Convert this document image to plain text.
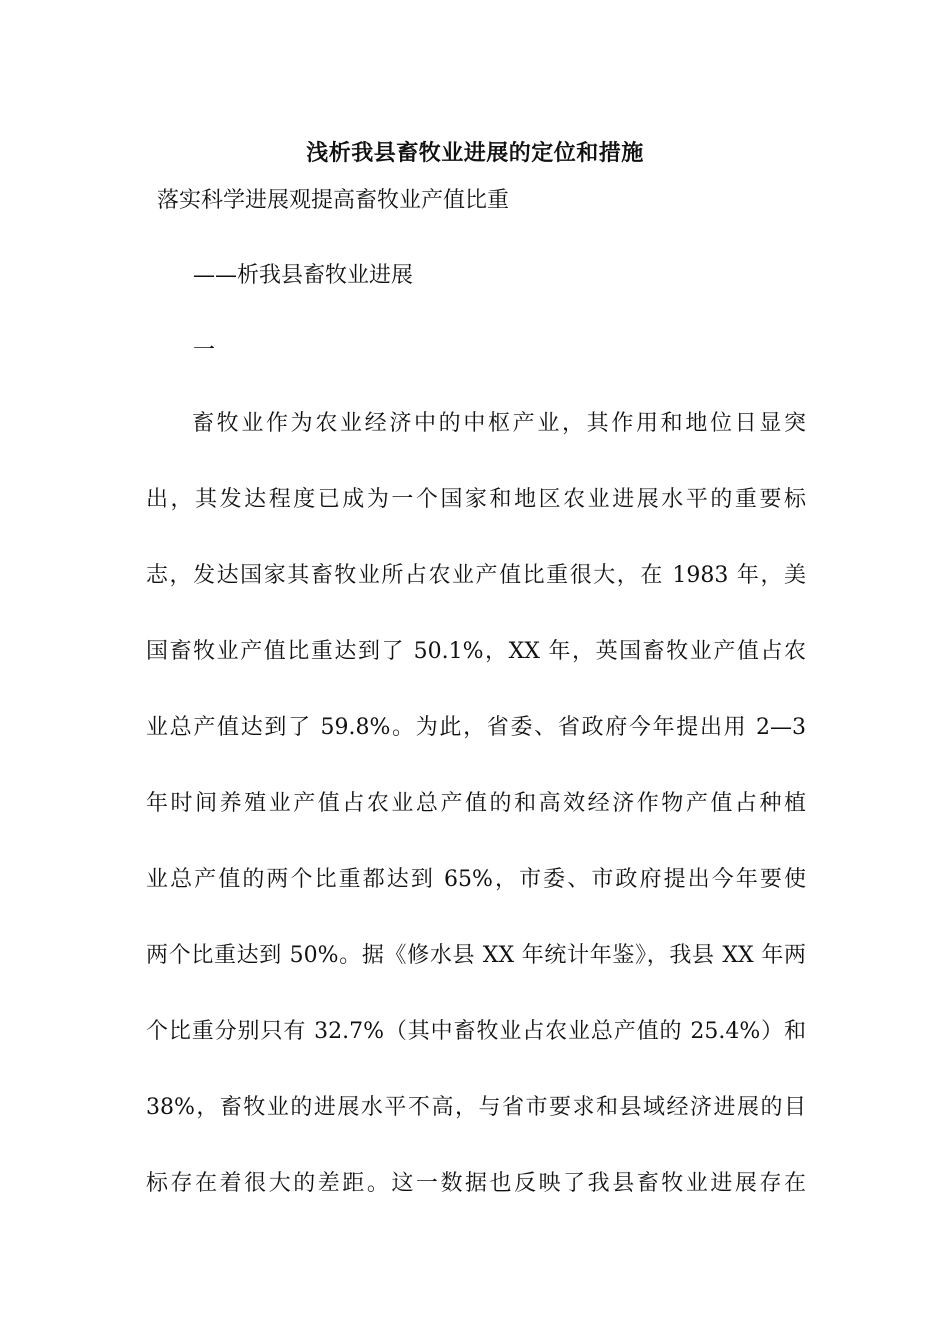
浅析我县畜牧业进展的定位和措施
落实科学进展观提高畜牧业产值比重
——析我县畜牧业进展
一
畜牧业作为农业经济中的中枢产业，其作用和地位日显突
出，其发达程度已成为一个国家和地区农业进展水平的重要标
志，发达国家其畜牧业所占农业产值比重很大，在 1983 年，美
国畜牧业产值比重达到了 50.1%，XX 年，英国畜牧业产值占农
业总产值达到了 59.8%。为此，省委、省政府今年提出用 2—3
年时间养殖业产值占农业总产值的和高效经济作物产值占种植
业总产值的两个比重都达到 65%，市委、市政府提出今年要使
两个比重达到 50%。据《修水县 XX 年统计年鉴》，我县 XX 年两
个比重分别只有 32.7%（其中畜牧业占农业总产值的 25.4%）和
38%，畜牧业的进展水平不高，与省市要求和县域经济进展的目
标存在着很大的差距。这一数据也反映了我县畜牧业进展存在
